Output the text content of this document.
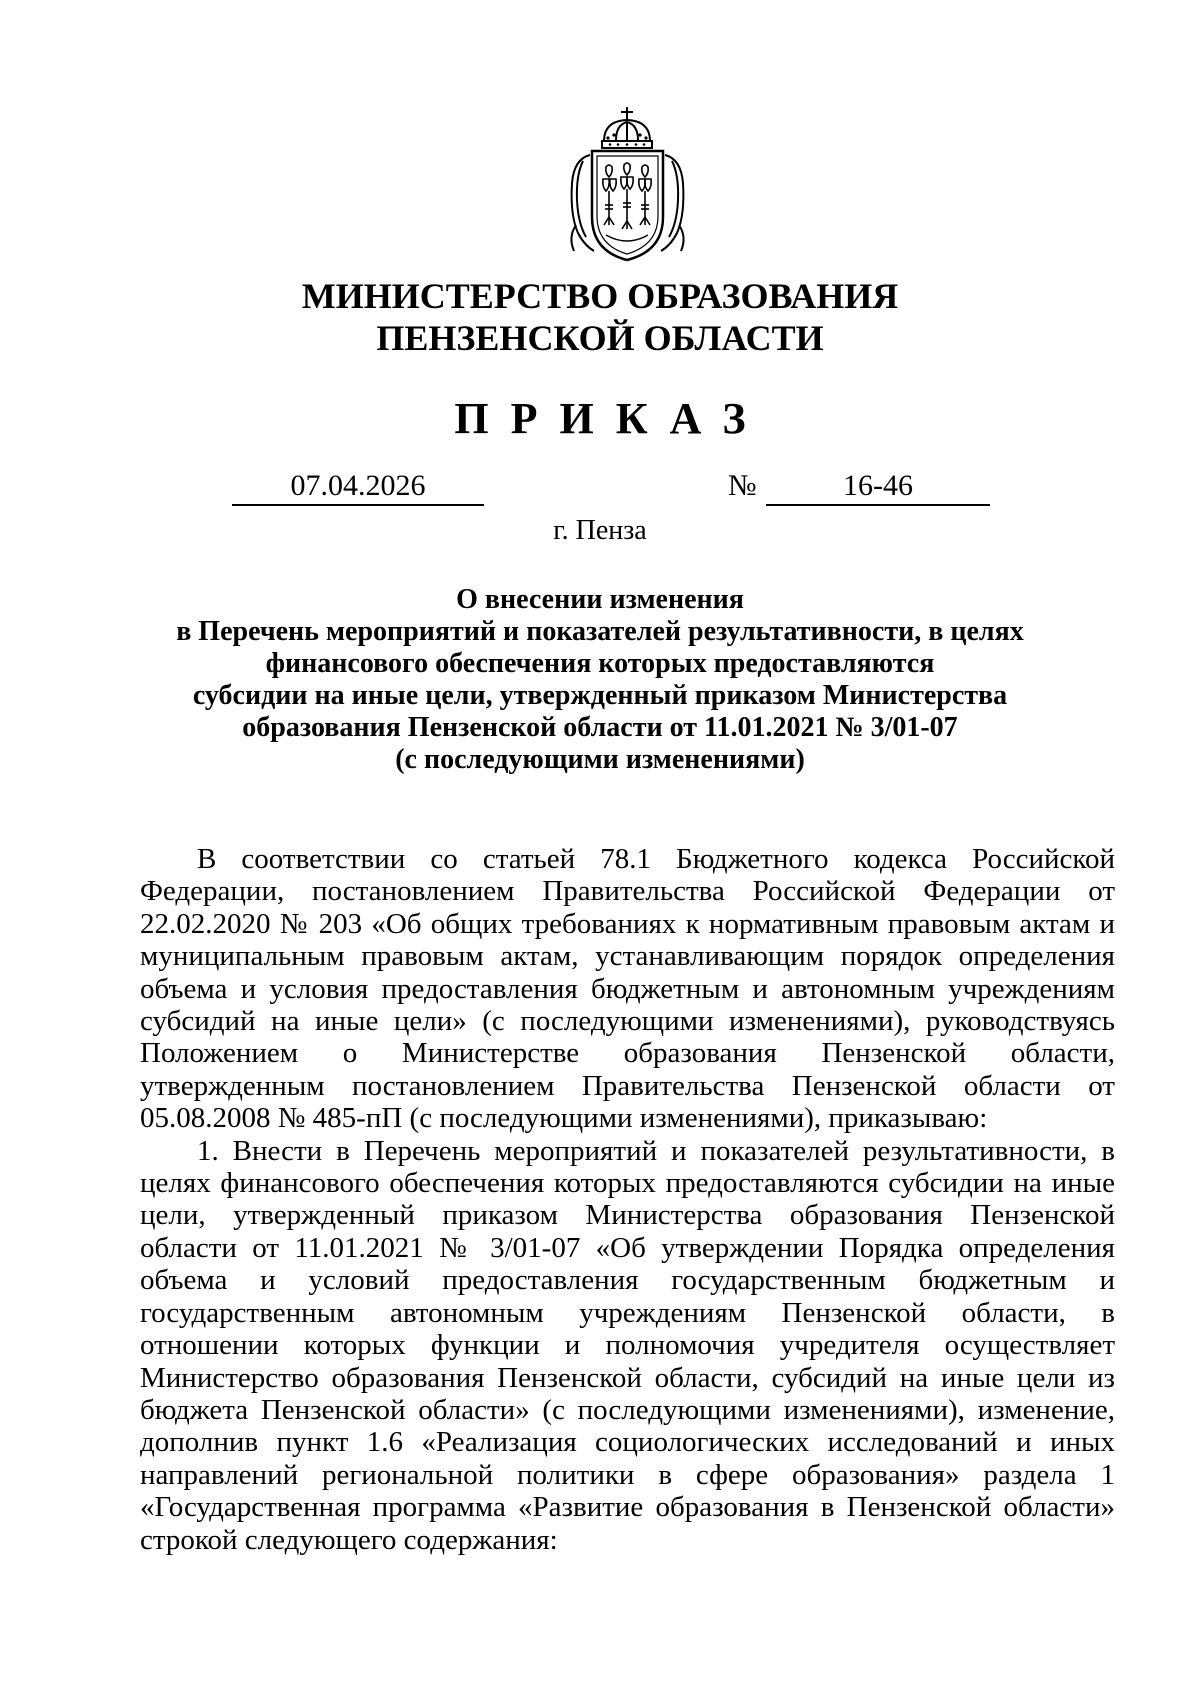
МИНИСТЕРСТВО ОБРАЗОВАНИЯ
ПЕНЗЕНСКОЙ ОБЛАСТИ
ПРИКАЗ
07.04.2026	№	16-46
г. Пенза
О внесении изменения
в Перечень мероприятий и показателей результативности, в целях
финансового обеспечения которых предоставляются
субсидии на иные цели, утвержденный приказом Министерства
образования Пензенской области от 11.01.2021 № 3/01-07
(с последующими изменениями)

В соответствии со статьей 78.1 Бюджетного кодекса Российской Федерации, постановлением Правительства Российской Федерации от 22.02.2020 № 203 «Об общих требованиях к нормативным правовым актам и муниципальным правовым актам, устанавливающим порядок определения объема и условия предоставления бюджетным и автономным учреждениям субсидий на иные цели» (с последующими изменениями), руководствуясь Положением о Министерстве образования Пензенской области, утвержденным постановлением Правительства Пензенской области от 05.08.2008 № 485-пП (с последующими изменениями), приказываю:

1. Внести в Перечень мероприятий и показателей результативности, в целях финансового обеспечения которых предоставляются субсидии на иные цели, утвержденный приказом Министерства образования Пензенской области от 11.01.2021 № 3/01-07 «Об утверждении Порядка определения объема и условий предоставления государственным бюджетным и государственным автономным учреждениям Пензенской области, в отношении которых функции и полномочия учредителя осуществляет Министерство образования Пензенской области, субсидий на иные цели из бюджета Пензенской области» (с последующими изменениями), изменение, дополнив пункт 1.6 «Реализация социологических исследований и иных направлений региональной политики в сфере образования» раздела 1 «Государственная программа «Развитие образования в Пензенской области» строкой следующего содержания:
